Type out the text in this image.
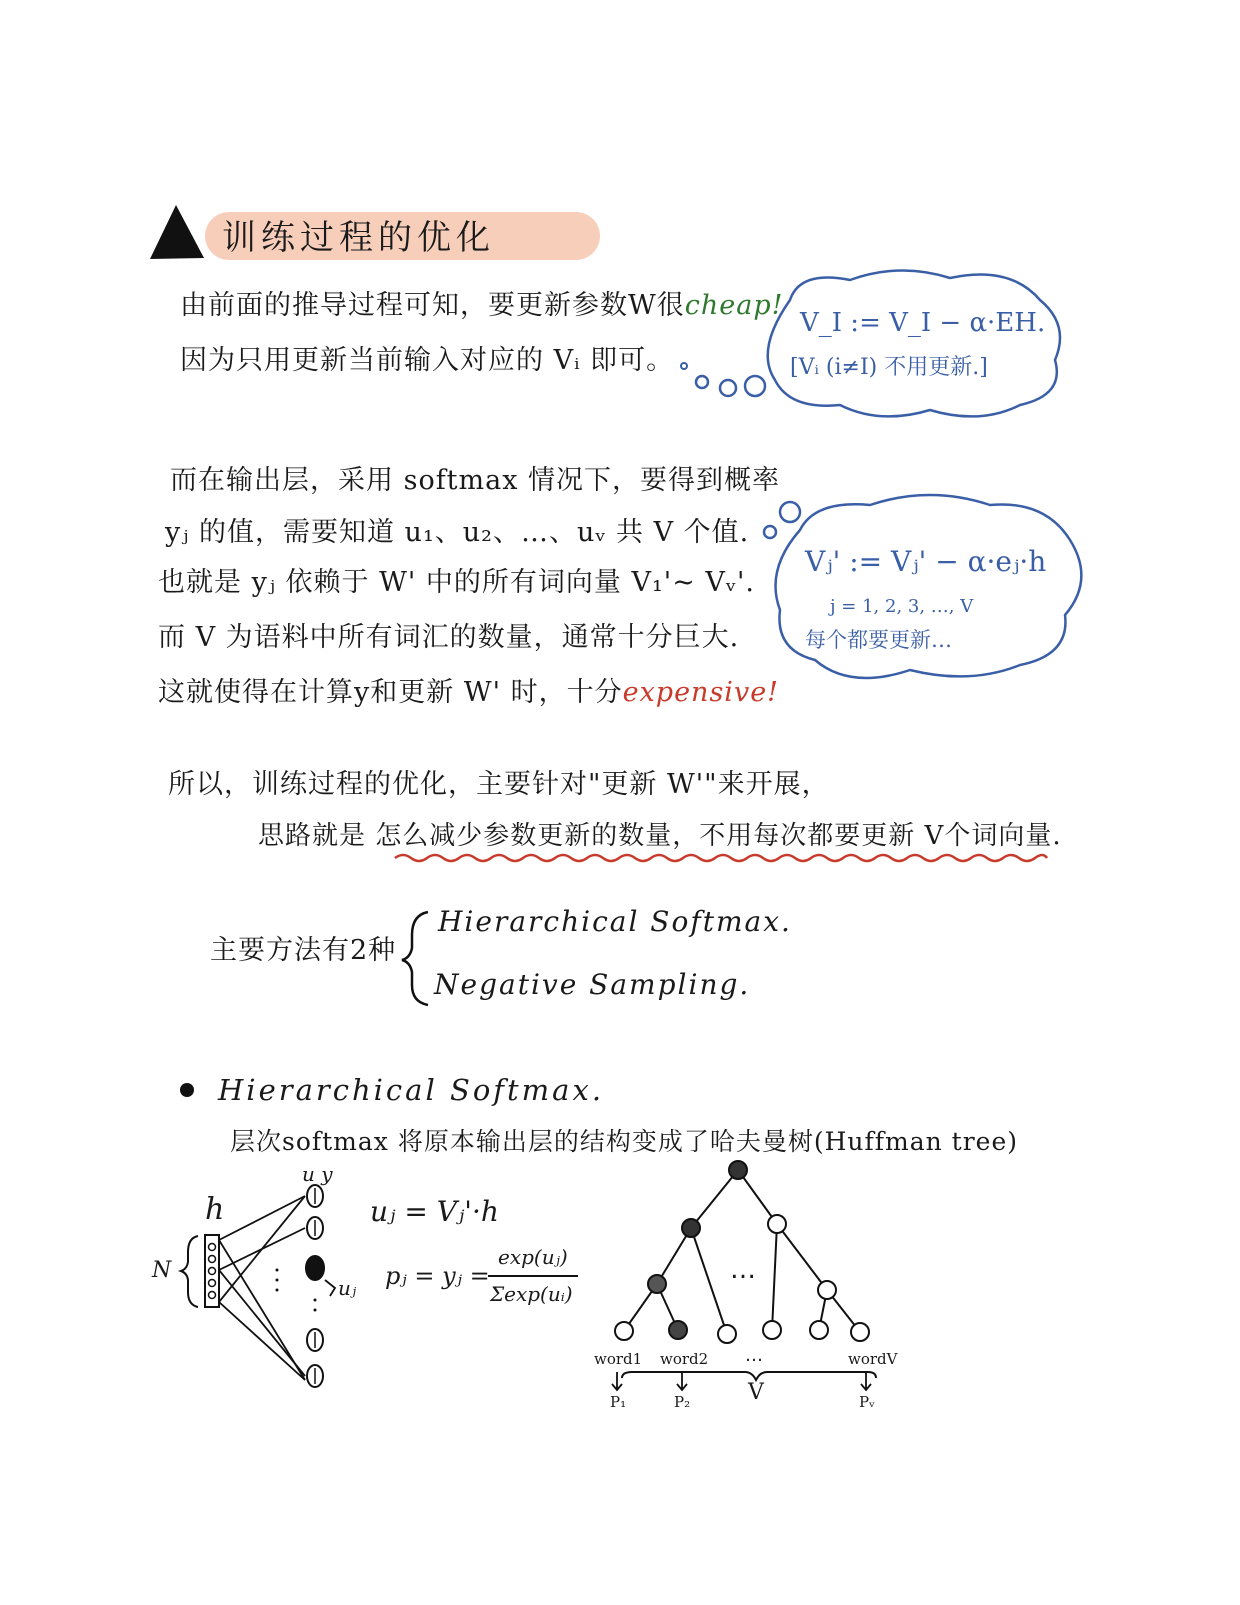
训练过程的优化
由前面的推导过程可知，要更新参数W很cheap!
因为只用更新当前输入对应的 Vᵢ 即可。
V_I := V_I − α·EH.
[Vᵢ (i≠I) 不用更新.]
而在输出层，采用 softmax 情况下，要得到概率
yⱼ 的值，需要知道 u₁、u₂、…、uᵥ 共 V 个值.
也就是 yⱼ 依赖于 W' 中的所有词向量 V₁'~ Vᵥ'.
而 V 为语料中所有词汇的数量，通常十分巨大.
这就使得在计算y和更新 W' 时，十分expensive!
Vⱼ' := Vⱼ' − α·eⱼ·h
j = 1, 2, 3, …, V
每个都要更新…
所以，训练过程的优化，主要针对"更新 W'"来开展，
思路就是 怎么减少参数更新的数量，不用每次都要更新 V个词向量.
主要方法有2种
Hierarchical Softmax.
Negative Sampling.
Hierarchical Softmax.
层次softmax 将原本输出层的结构变成了哈夫曼树(Huffman tree)
h
N
u y
uⱼ
uⱼ = Vⱼ'·h
pⱼ = yⱼ =
exp(uⱼ)
Σexp(uᵢ)
…
word1 word2 …	wordV
V
P₁	P₂	Pᵥ
